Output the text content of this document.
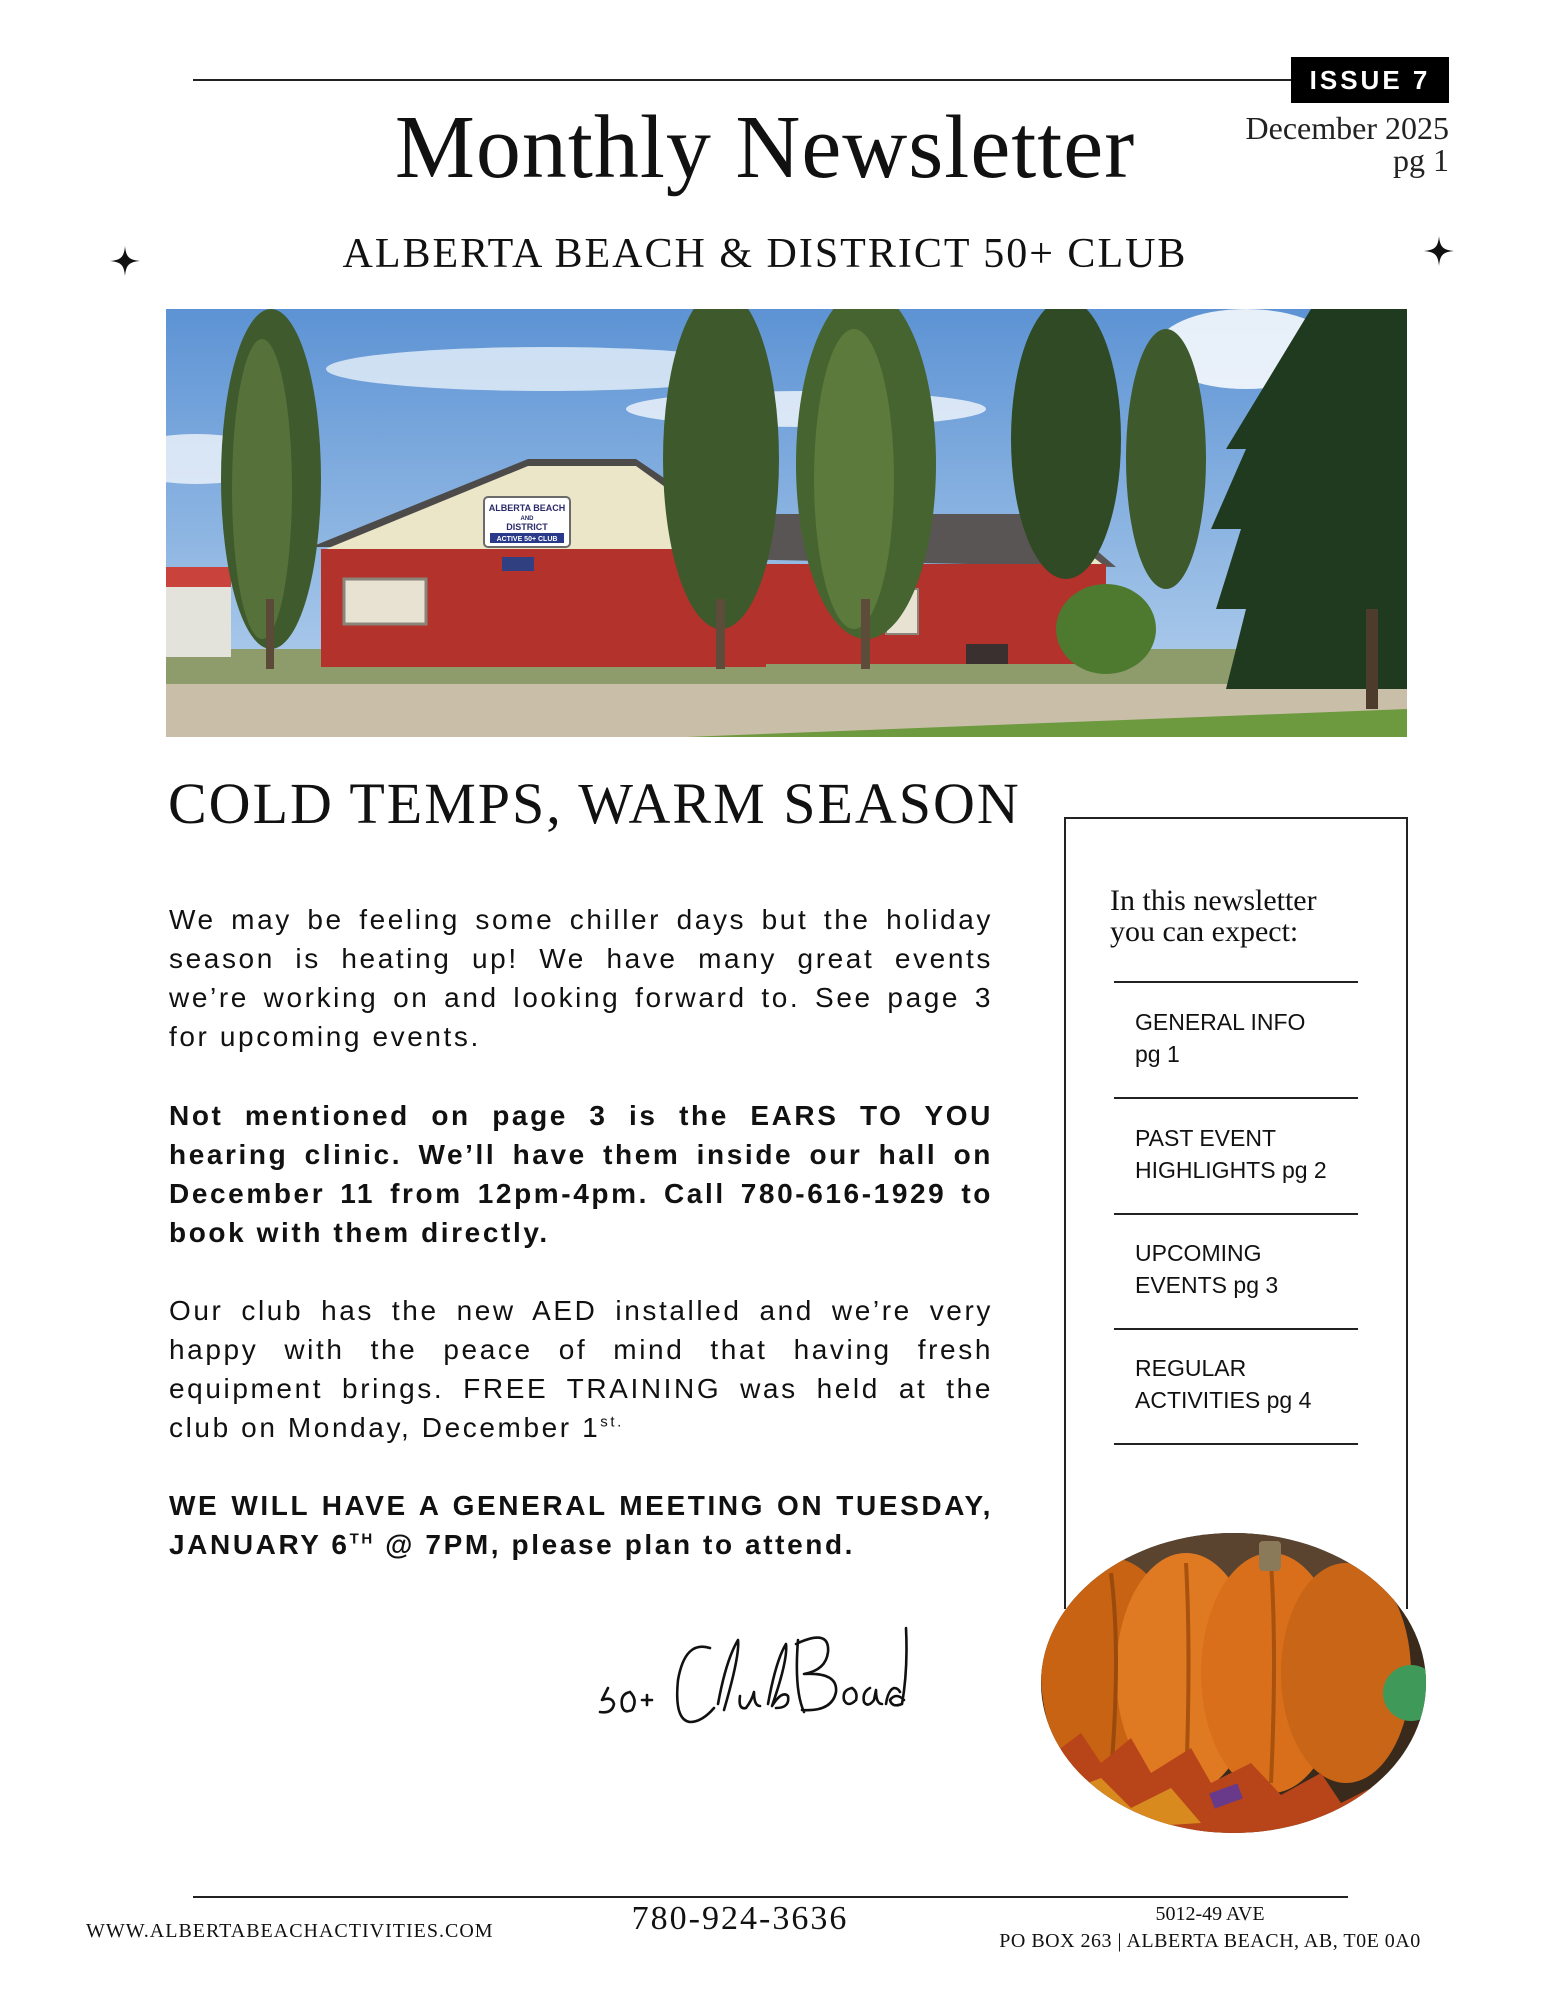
ISSUE 7
Monthly Newsletter	December 2025
pg 1
ALBERTA BEACH & DISTRICT 50+ CLUB
ALBERTA BEACH
AND
DISTRICT
ACTIVE 50+ CLUB
COLD TEMPS, WARM SEASON
We may be feeling some chiller days but the holiday season is heating up! We have many great events we’re working on and looking forward to. See page 3 for upcoming events.
Not mentioned on page 3 is the EARS TO YOU hearing clinic. We’ll have them inside our hall on December 11 from 12pm-4pm. Call 780-616-1929 to book with them directly.
Our club has the new AED installed and we’re very happy with the peace of mind that having fresh equipment brings. FREE TRAINING was held at the club on Monday, December $1^{st.}$
WE WILL HAVE A GENERAL MEETING ON TUESDAY, JANUARY 6TH @ 7PM, please plan to attend.
In this newsletter
you can expect:
GENERAL INFO
pg 1
PAST EVENT
HIGHLIGHTS pg 2
UPCOMING
EVENTS pg 3
REGULAR
ACTIVITIES pg 4
WWW.ALBERTABEACHACTIVITIES.COM	780-924-3636	5012-49 AVE
PO BOX 263 | ALBERTA BEACH, AB, T0E 0A0
